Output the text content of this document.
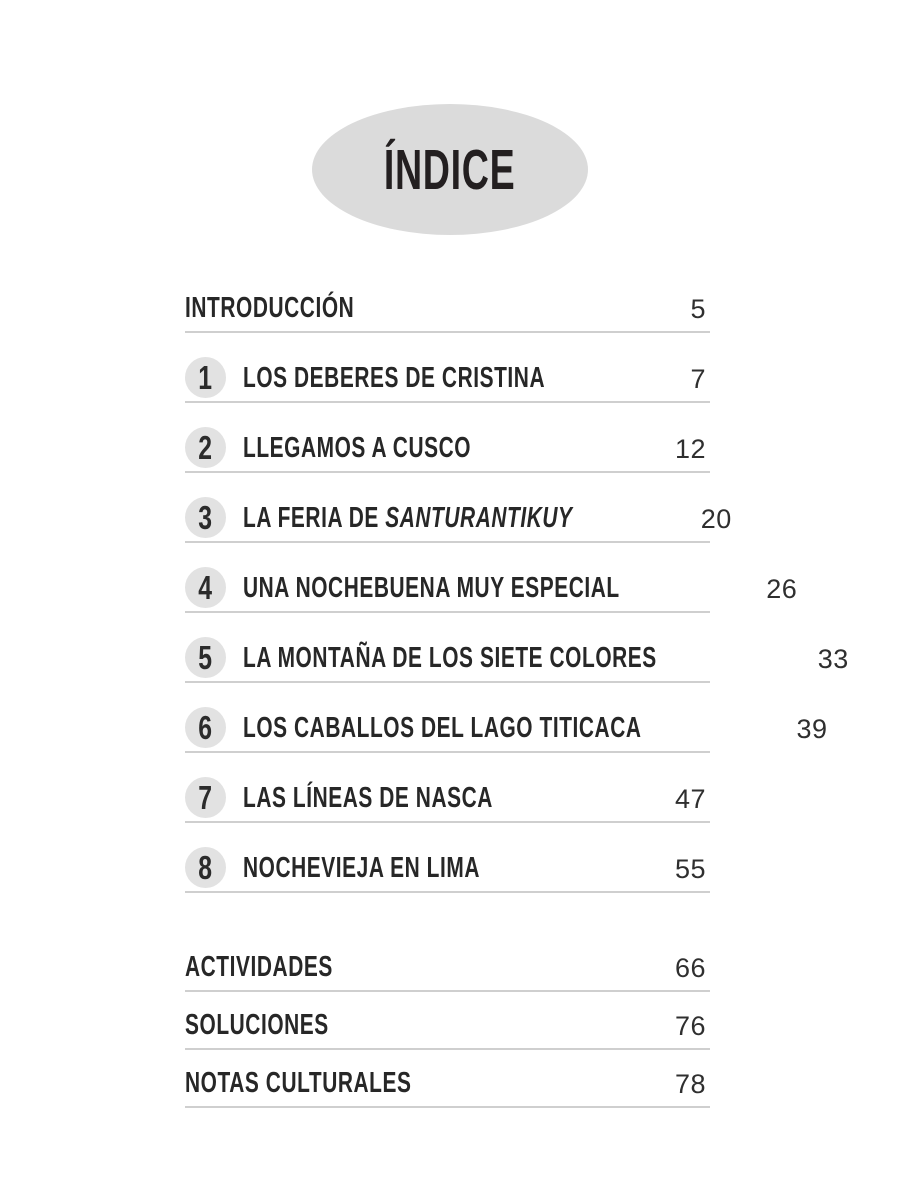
ÍNDICE
INTRODUCCIÓN	5
1 LOS DEBERES DE CRISTINA	7
2 LLEGAMOS A CUSCO	12
3 LA FERIA DE SANTURANTIKUY	20
4 UNA NOCHEBUENA MUY ESPECIAL	26
5 LA MONTAÑA DE LOS SIETE COLORES	33
6 LOS CABALLOS DEL LAGO TITICACA	39
7 LAS LÍNEAS DE NASCA	47
8 NOCHEVIEJA EN LIMA	55
ACTIVIDADES	66
SOLUCIONES	76
NOTAS CULTURALES	78
